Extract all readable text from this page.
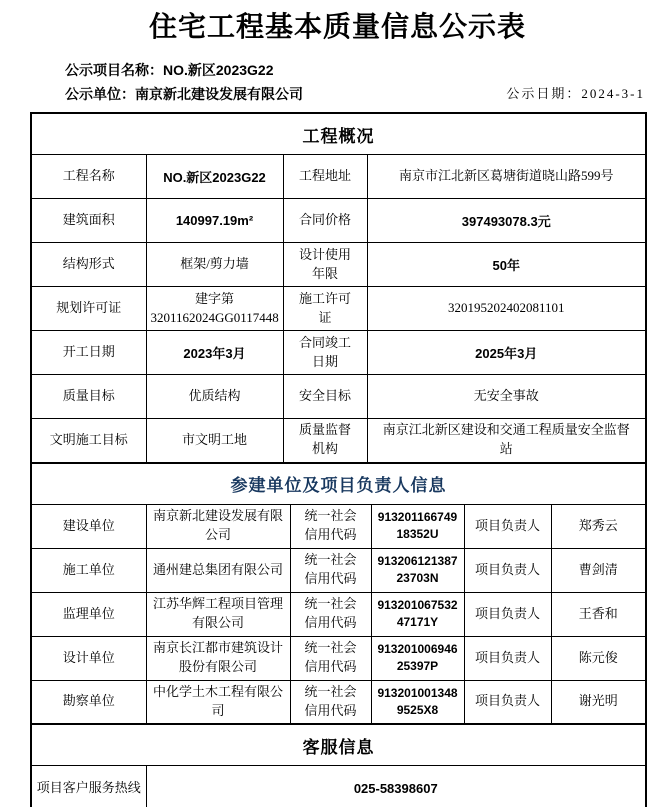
住宅工程基本质量信息公示表
公示项目名称：NO.新区2023G22
公示单位：南京新北建设发展有限公司	公示日期：2024-3-1
工程概况			
工程名称	NO.新区2023G22	工程地址	南京市江北新区葛塘街道晓山路599号
建筑面积	140997.19m²	合同价格	397493078.3元
结构形式	框架/剪力墙	设计使用年限	50年
规划许可证	建字第3201162024GG0117448	施工许可证	320195202402081101
开工日期	2023年3月	合同竣工日期	2025年3月
质量目标	优质结构	安全目标	无安全事故
文明施工目标	市文明工地	质量监督机构	南京江北新区建设和交通工程质量安全监督站
参建单位及项目负责人信息					
建设单位	南京新北建设发展有限公司	统一社会信用代码	91320116674918352U	项目负责人	郑秀云
施工单位	通州建总集团有限公司	统一社会信用代码	91320612138723703N	项目负责人	曹剑清
监理单位	江苏华辉工程项目管理有限公司	统一社会信用代码	91320106753247171Y	项目负责人	王香和
设计单位	南京长江都市建筑设计股份有限公司	统一社会信用代码	91320100694625397P	项目负责人	陈元俊
勘察单位	中化学土木工程有限公司	统一社会信用代码	9132010013489525X8	项目负责人	谢光明
客服信息
项目客户服务热线	025-58398607
